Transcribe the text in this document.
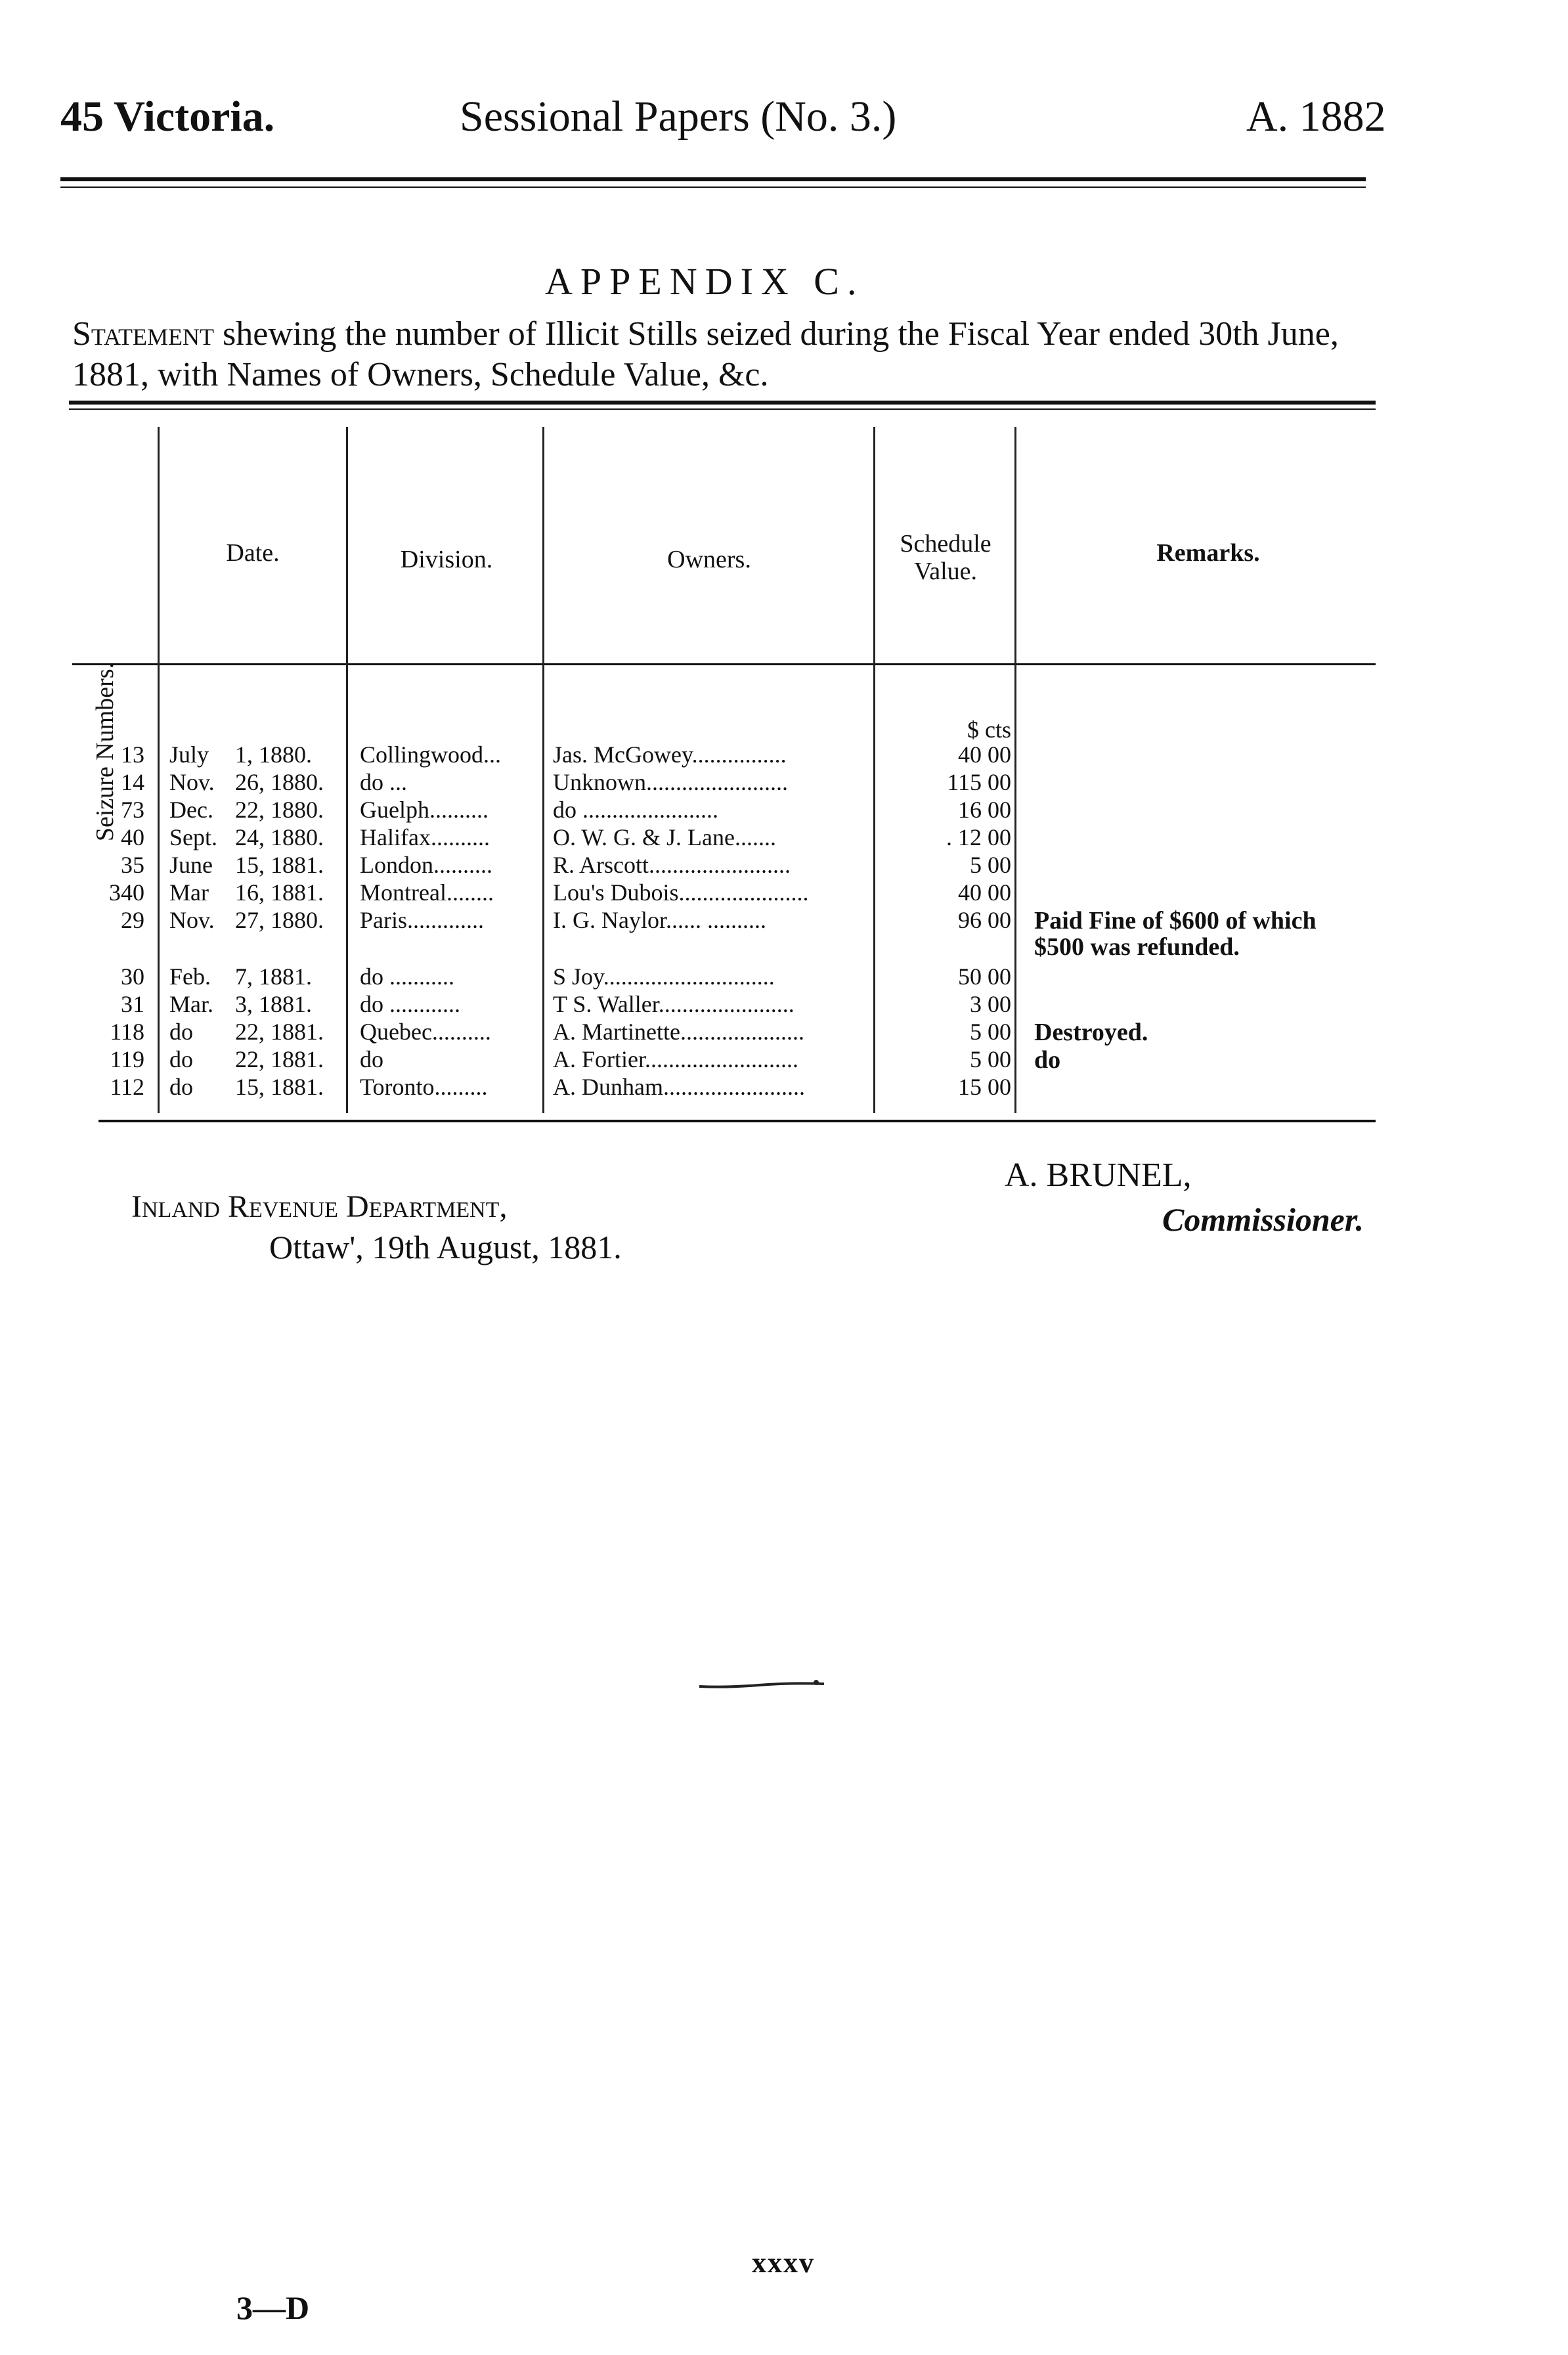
45 Victoria.	Sessional Papers (No. 3.)	A. 1882
APPENDIX C.
Statement shewing the number of Illicit Stills seized during the Fiscal Year ended 30th June, 1881, with Names of Owners, Schedule Value, &c.
Seizure Numbers.
Date.	Division.	Owners.
Schedule
Value.
Remarks.
$ cts
13 July 1, 1880.	Collingwood... Jas. McGowey................	40 00
14 Nov. 26, 1880.	do ...	Unknown........................	115 00
73 Dec. 22, 1880.	Guelph..........	do .......................	16 00
40 Sept. 24, 1880.	Halifax..........	O. W. G. & J. Lane.......	. 12 00
35 June 15, 1881.	London..........	R. Arscott........................	5 00
340 Mar 16, 1881.	Montreal........	Lou's Dubois......................	40 00
29 Nov. 27, 1880.	Paris.............	I. G. Naylor...... ..........	96 00 Paid Fine of $600 of which
$500 was refunded.
30 Feb. 7, 1881.	do ...........	S Joy.............................	50 00
31 Mar. 3, 1881.	do ............	T S. Waller.......................	3 00
118 do 22, 1881.	Quebec..........	A. Martinette.....................	5 00 Destroyed.
119 do 22, 1881.	do	A. Fortier..........................	5 00 do
112 do 15, 1881.	Toronto.........	A. Dunham........................	15 00
Inland Revenue Department,
Ottaw', 19th August, 1881.
A. BRUNEL,
Commissioner.
xxxv
3—D
